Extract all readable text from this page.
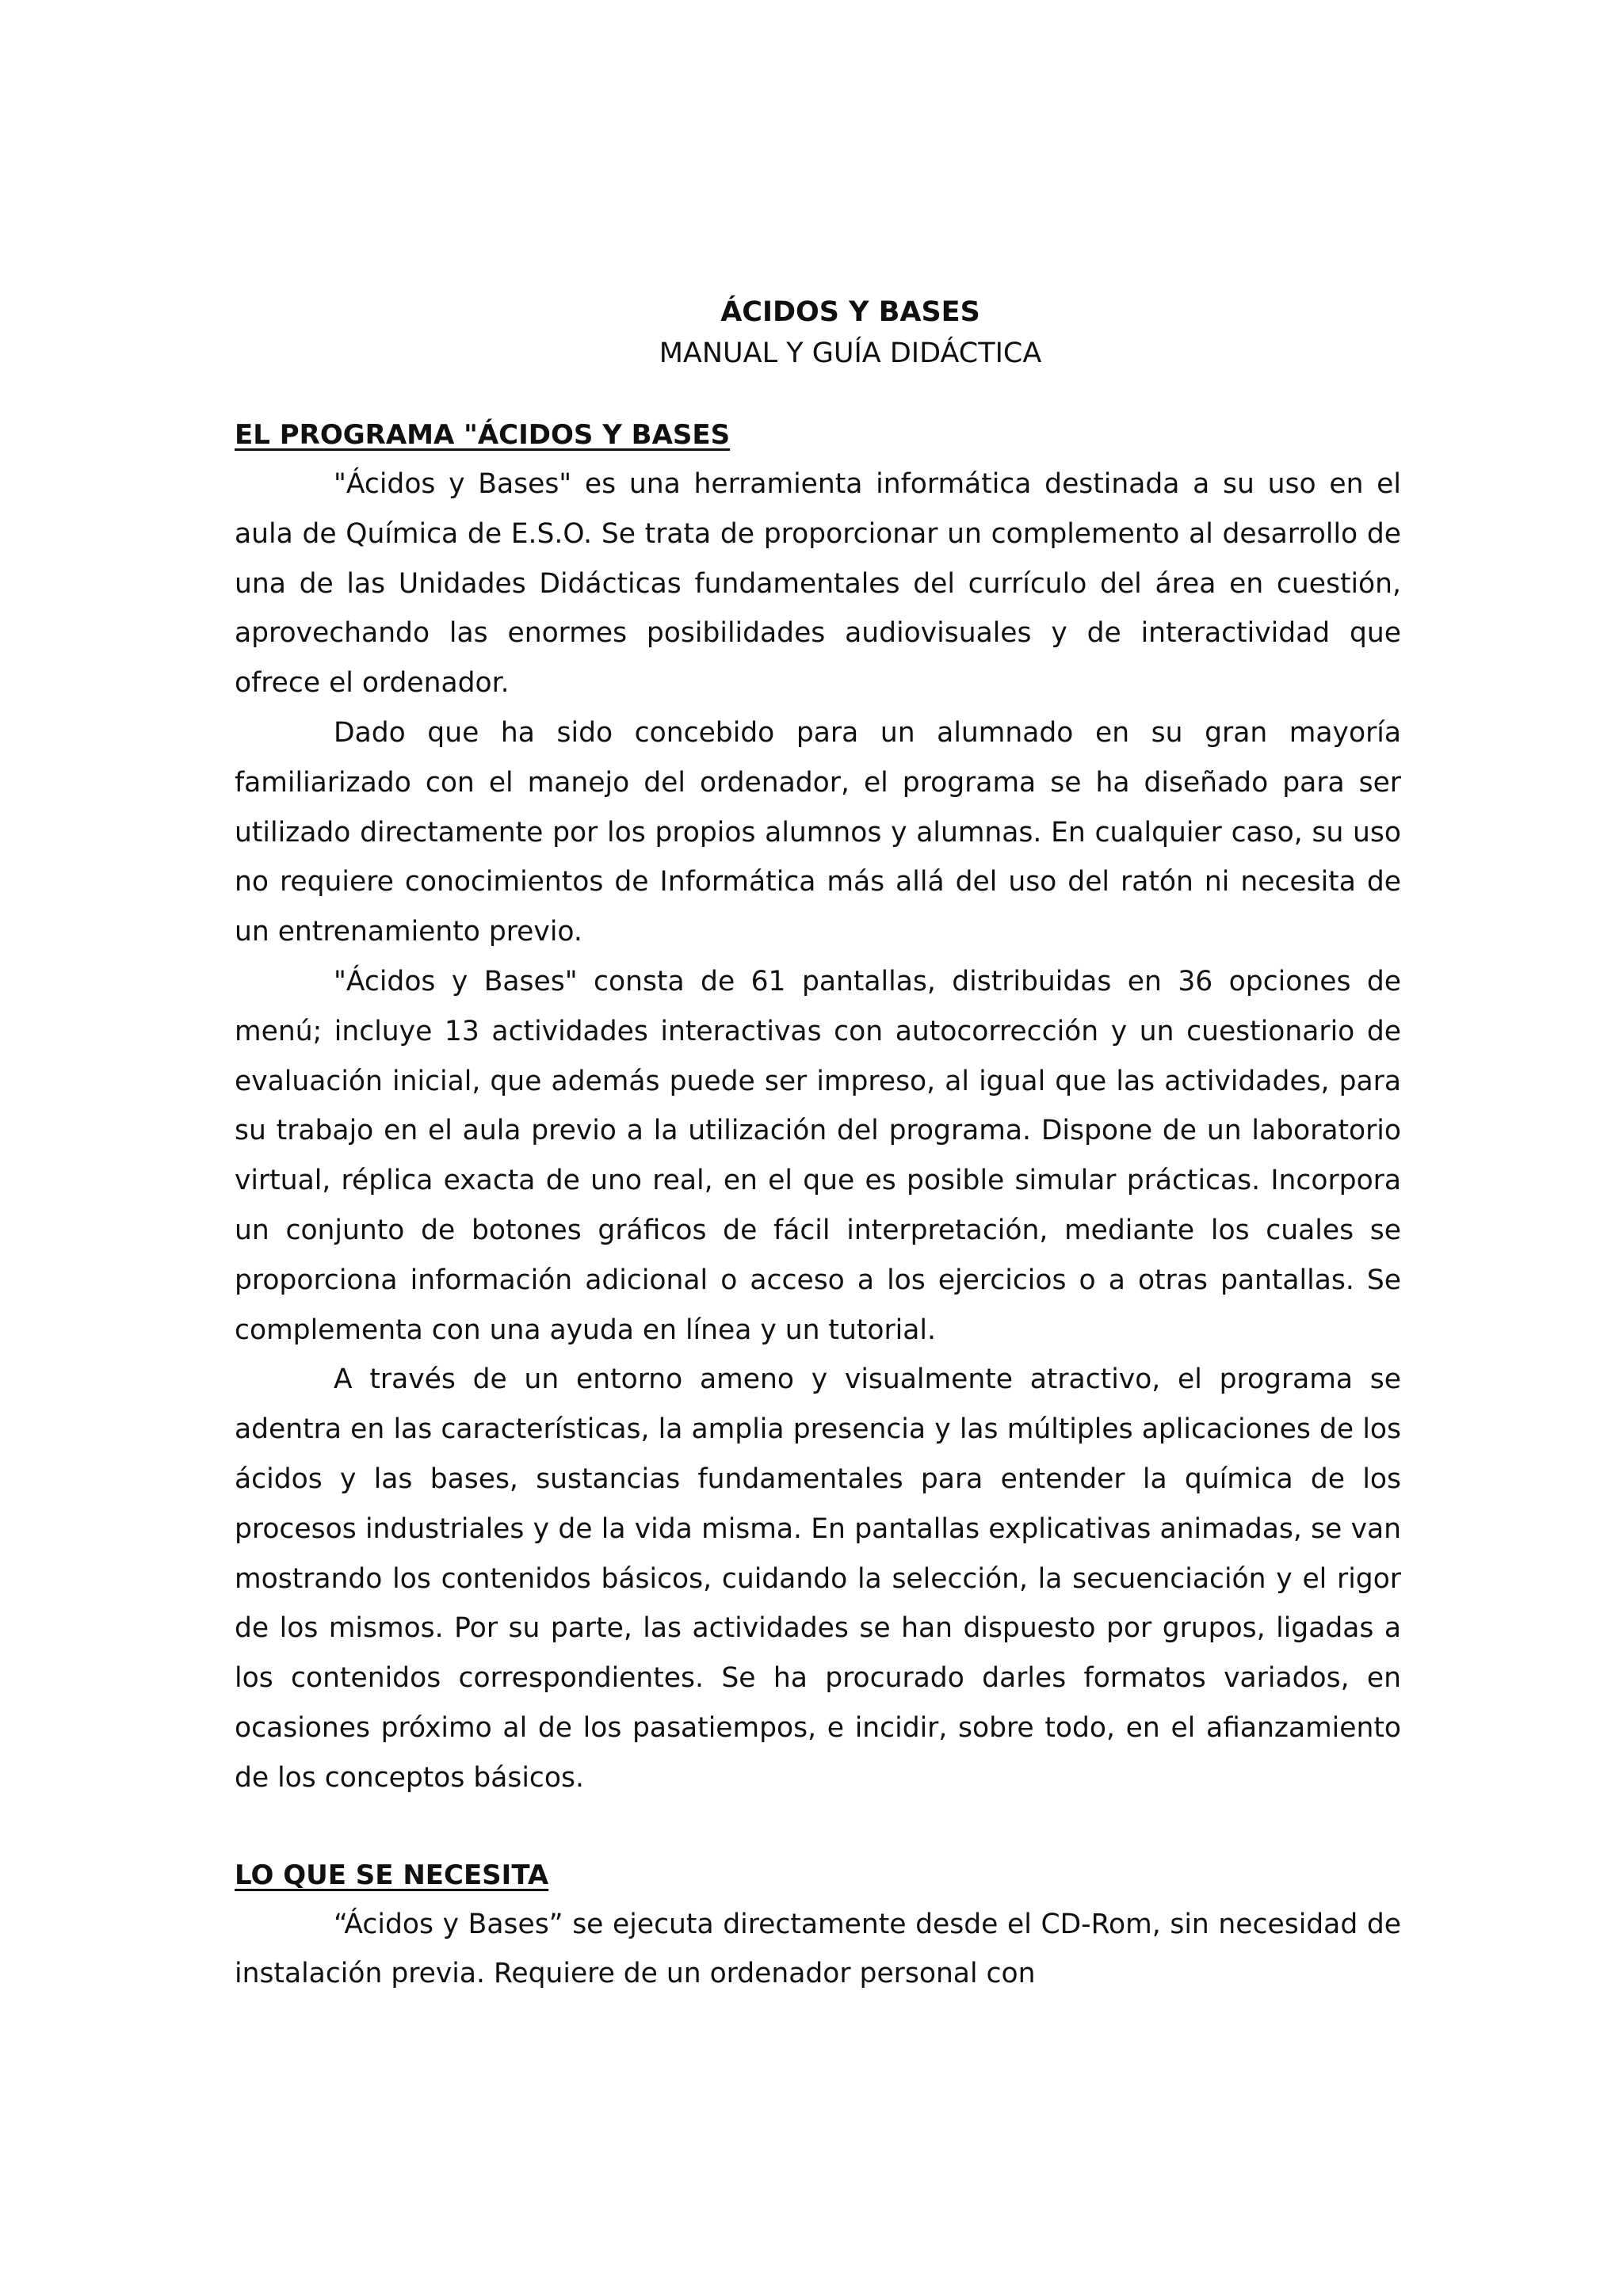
ÁCIDOS Y BASES
MANUAL Y GUÍA DIDÁCTICA
EL PROGRAMA "ÁCIDOS Y BASES

"Ácidos y Bases" es una herramienta informática destinada a su uso en el aula de Química de E.S.O. Se trata de proporcionar un complemento al desarrollo de una de las Unidades Didácticas fundamentales del currículo del área en cuestión, aprovechando las enormes posibilidades audiovisuales y de interactividad que ofrece el ordenador.

Dado que ha sido concebido para un alumnado en su gran mayoría familiarizado con el manejo del ordenador, el programa se ha diseñado para ser utilizado directamente por los propios alumnos y alumnas. En cualquier caso, su uso no requiere conocimientos de Informática más allá del uso del ratón ni necesita de un entrenamiento previo.

"Ácidos y Bases" consta de 61 pantallas, distribuidas en 36 opciones de menú; incluye 13 actividades interactivas con autocorrección y un cuestionario de evaluación inicial, que además puede ser impreso, al igual que las actividades, para su trabajo en el aula previo a la utilización del programa. Dispone de un laboratorio virtual, réplica exacta de uno real, en el que es posible simular prácticas. Incorpora un conjunto de botones gráficos de fácil interpretación, mediante los cuales se proporciona información adicional o acceso a los ejercicios o a otras pantallas. Se complementa con una ayuda en línea y un tutorial.

A través de un entorno ameno y visualmente atractivo, el programa se adentra en las características, la amplia presencia y las múltiples aplicaciones de los ácidos y las bases, sustancias fundamentales para entender la química de los procesos industriales y de la vida misma. En pantallas explicativas animadas, se van mostrando los contenidos básicos, cuidando la selección, la secuenciación y el rigor de los mismos. Por su parte, las actividades se han dispuesto por grupos, ligadas a los contenidos correspondientes. Se ha procurado darles formatos variados, en ocasiones próximo al de los pasatiempos, e incidir, sobre todo, en el afianzamiento de los conceptos básicos.

LO QUE SE NECESITA

“Ácidos y Bases” se ejecuta directamente desde el CD-Rom, sin necesidad de instalación previa. Requiere de un ordenador personal con
